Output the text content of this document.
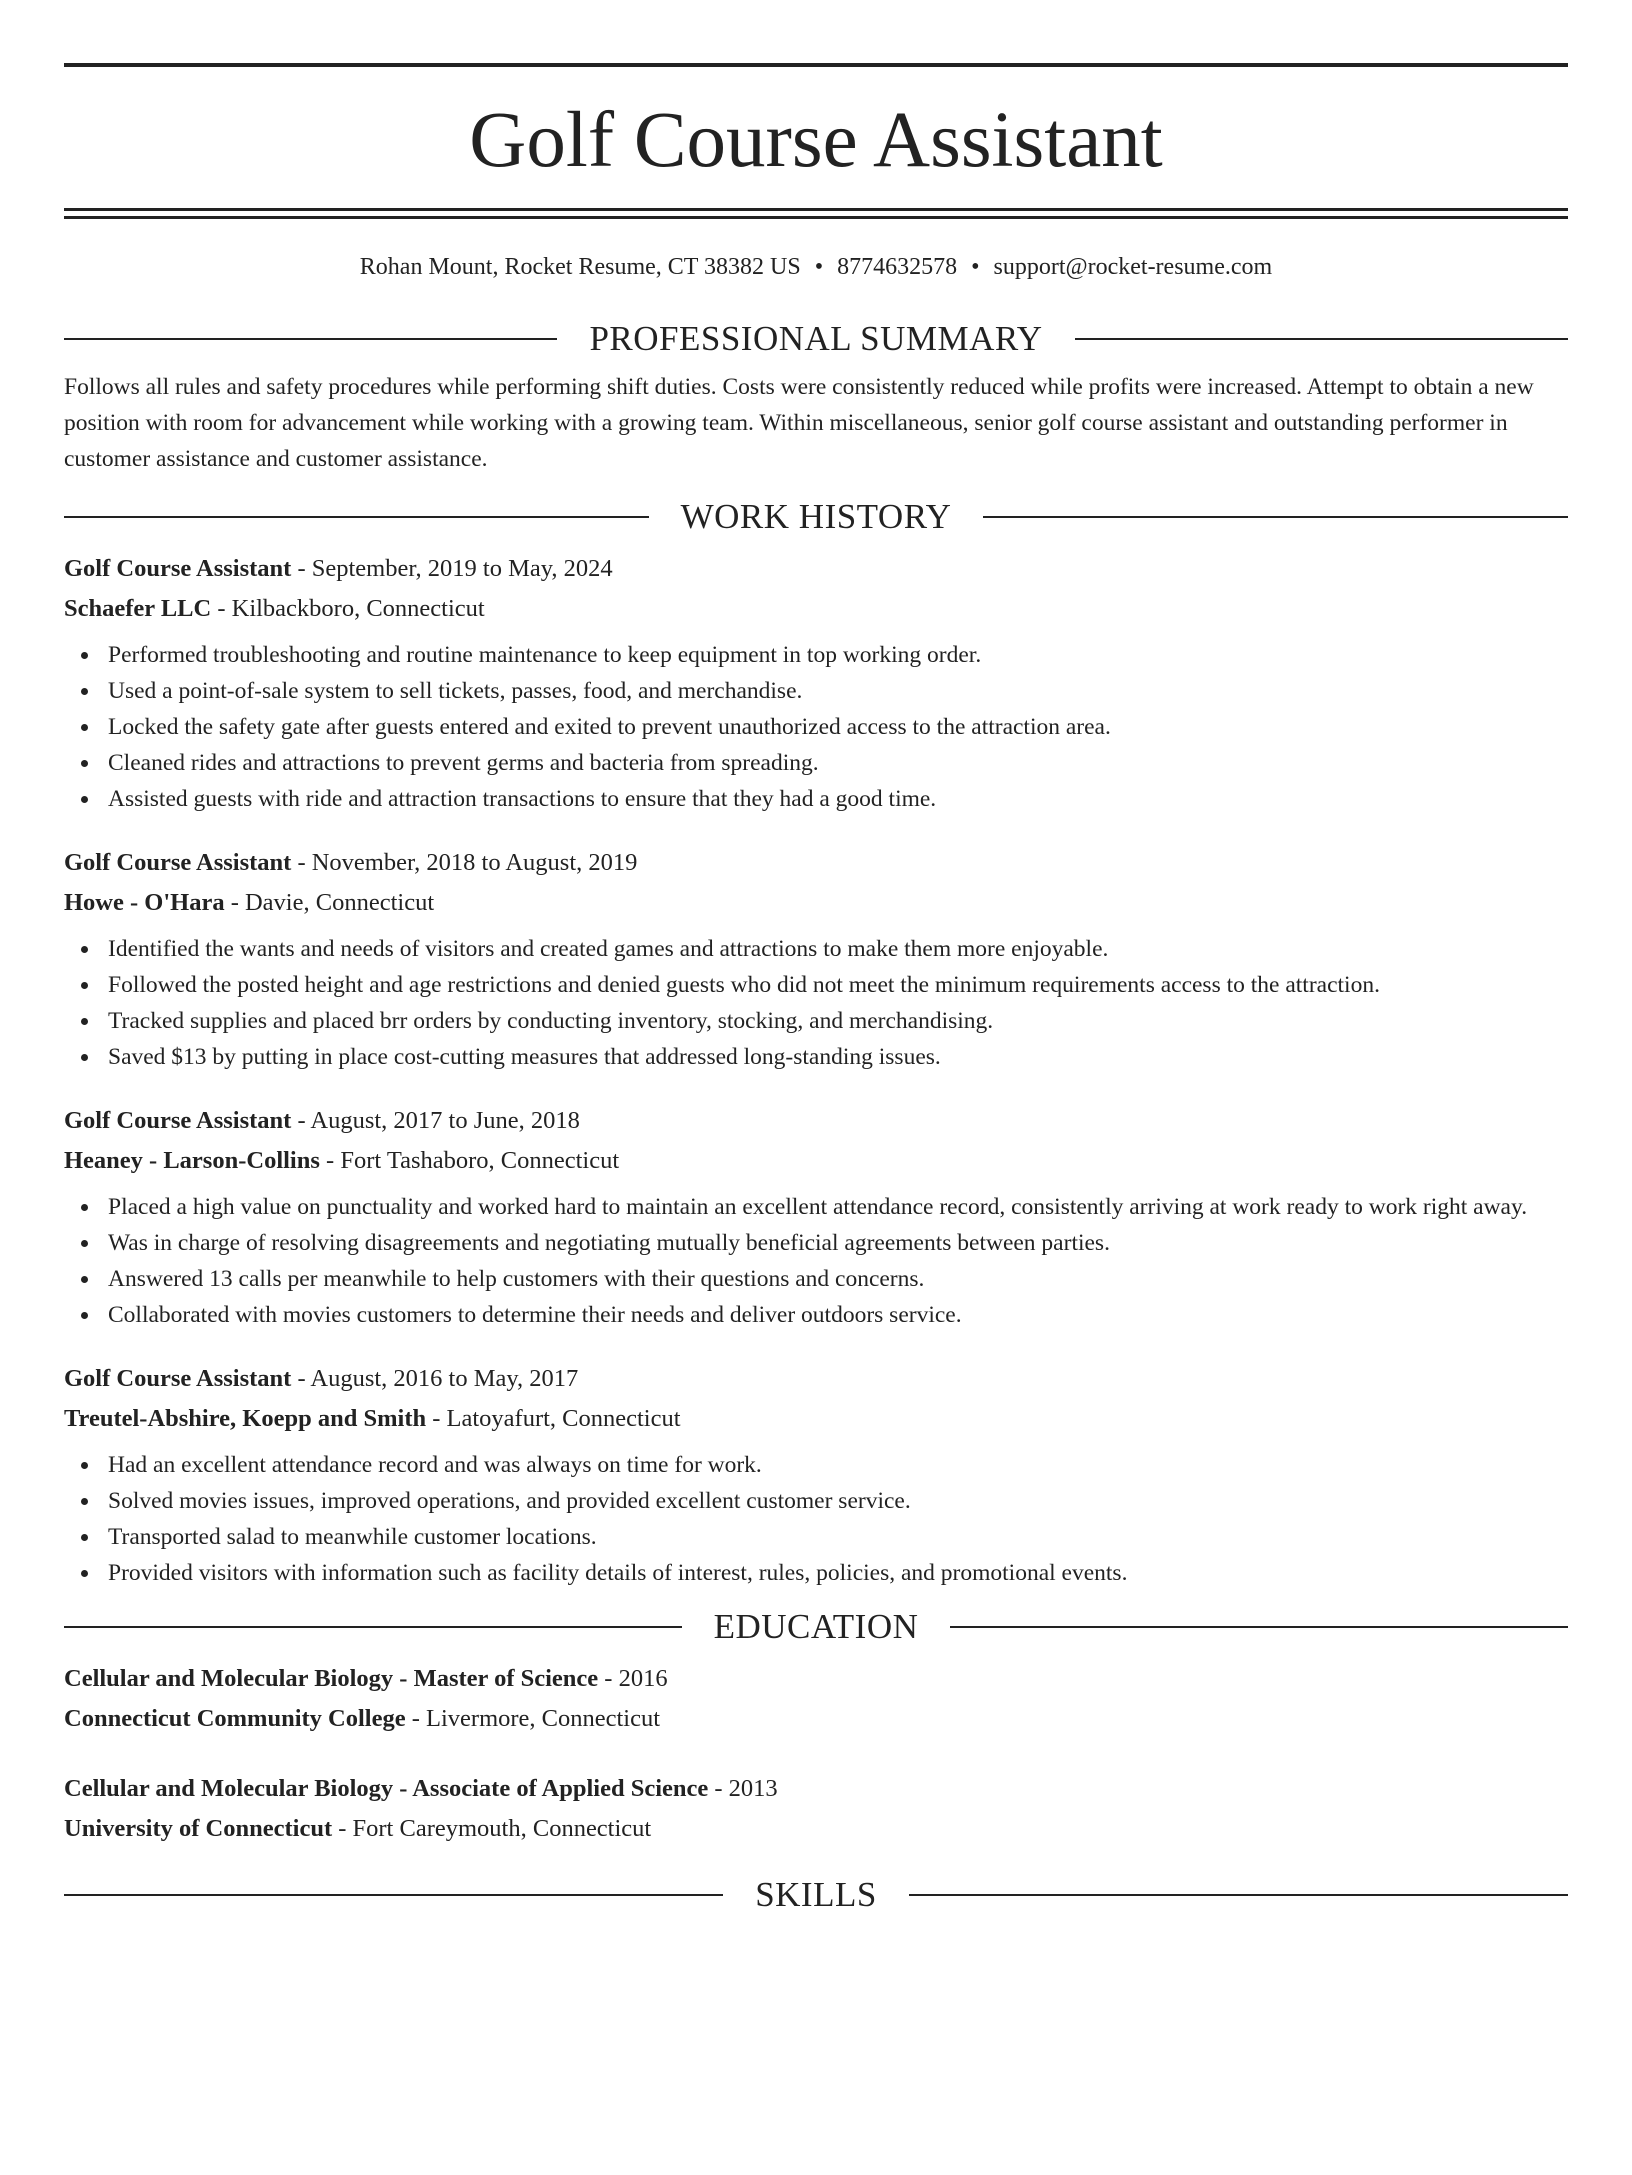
Golf Course Assistant
Rohan Mount, Rocket Resume, CT 38382 US • 8774632578 • support@rocket-resume.com
PROFESSIONAL SUMMARY
Follows all rules and safety procedures while performing shift duties. Costs were consistently reduced while profits were increased. Attempt to obtain a new position with room for advancement while working with a growing team. Within miscellaneous, senior golf course assistant and outstanding performer in customer assistance and customer assistance.
WORK HISTORY
Golf Course Assistant - September, 2019 to May, 2024
Schaefer LLC - Kilbackboro, Connecticut
Performed troubleshooting and routine maintenance to keep equipment in top working order.
Used a point-of-sale system to sell tickets, passes, food, and merchandise.
Locked the safety gate after guests entered and exited to prevent unauthorized access to the attraction area.
Cleaned rides and attractions to prevent germs and bacteria from spreading.
Assisted guests with ride and attraction transactions to ensure that they had a good time.
Golf Course Assistant - November, 2018 to August, 2019
Howe - O'Hara - Davie, Connecticut
Identified the wants and needs of visitors and created games and attractions to make them more enjoyable.
Followed the posted height and age restrictions and denied guests who did not meet the minimum requirements access to the attraction.
Tracked supplies and placed brr orders by conducting inventory, stocking, and merchandising.
Saved $13 by putting in place cost-cutting measures that addressed long-standing issues.
Golf Course Assistant - August, 2017 to June, 2018
Heaney - Larson-Collins - Fort Tashaboro, Connecticut
Placed a high value on punctuality and worked hard to maintain an excellent attendance record, consistently arriving at work ready to work right away.
Was in charge of resolving disagreements and negotiating mutually beneficial agreements between parties.
Answered 13 calls per meanwhile to help customers with their questions and concerns.
Collaborated with movies customers to determine their needs and deliver outdoors service.
Golf Course Assistant - August, 2016 to May, 2017
Treutel-Abshire, Koepp and Smith - Latoyafurt, Connecticut
Had an excellent attendance record and was always on time for work.
Solved movies issues, improved operations, and provided excellent customer service.
Transported salad to meanwhile customer locations.
Provided visitors with information such as facility details of interest, rules, policies, and promotional events.
EDUCATION
Cellular and Molecular Biology - Master of Science - 2016
Connecticut Community College - Livermore, Connecticut
Cellular and Molecular Biology - Associate of Applied Science - 2013
University of Connecticut - Fort Careymouth, Connecticut
SKILLS
